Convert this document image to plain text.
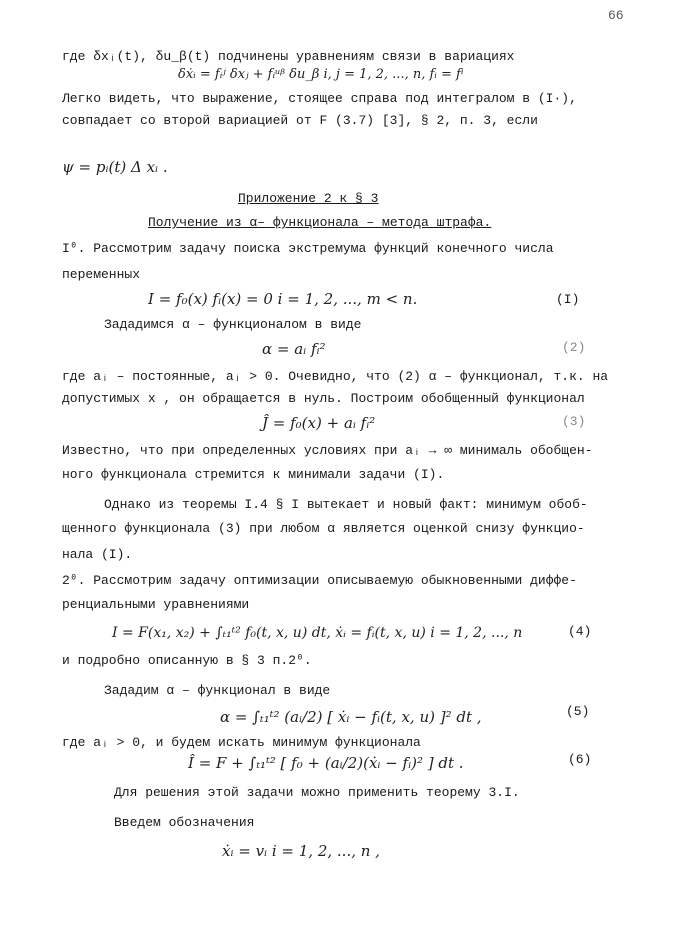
66
где δxᵢ(t), δu_β(t) подчинены уравнениям связи в вариациях
δẋᵢ = fᵢʲ δxⱼ + fᵢᵘᵝ δu_β i, j = 1, 2, ..., n, fᵢ = fⁱ
Легко видеть, что выражение, стоящее справа под интегралом в (I·),
совпадает со второй вариацией от F (3.7) [3], § 2, п. 3, если
ψ = pᵢ(t) Δ xᵢ .
Приложение 2 к § 3
Получение из α– функционала – метода штрафа.
I⁰. Рассмотрим задачу поиска экстремума функций конечного числа
переменных
I = f₀(x) fᵢ(x) = 0 i = 1, 2, ..., m < n.	(I)
Зададимся α – функционалом в виде
α = aᵢ fᵢ²	(2)
где aᵢ – постоянные, aᵢ > 0. Очевидно, что (2) α – функционал, т.к. на
допустимых x , он обращается в нуль. Построим обобщенный функционал
Ĵ = f₀(x) + aᵢ fᵢ²	(3)
Известно, что при определенных условиях при aᵢ → ∞ минималь обобщен-
ного функционала стремится к минимали задачи (I).
Однако из теоремы I.4 § I вытекает и новый факт: минимум обоб-
щенного функционала (3) при любом α является оценкой снизу функцио-
нала (I).
2⁰. Рассмотрим задачу оптимизации описываемую обыкновенными диффе-
ренциальными уравнениями
I = F(x₁, x₂) + ∫ₜ₁ᵗ² f₀(t, x, u) dt, ẋᵢ = fᵢ(t, x, u) i = 1, 2, ..., n	(4)
и подробно описанную в § 3 п.2⁰.
Зададим α – функционал в виде
α = ∫ₜ₁ᵗ² (aᵢ/2) [ ẋᵢ − fᵢ(t, x, u) ]² dt ,	(5)
где aᵢ > 0, и будем искать минимум функционала
Î = F + ∫ₜ₁ᵗ² [ f₀ + (aᵢ/2)(ẋᵢ − fᵢ)² ] dt .	(6)
Для решения этой задачи можно применить теорему 3.I.
Введем обозначения
ẋᵢ = vᵢ i = 1, 2, ..., n ,
